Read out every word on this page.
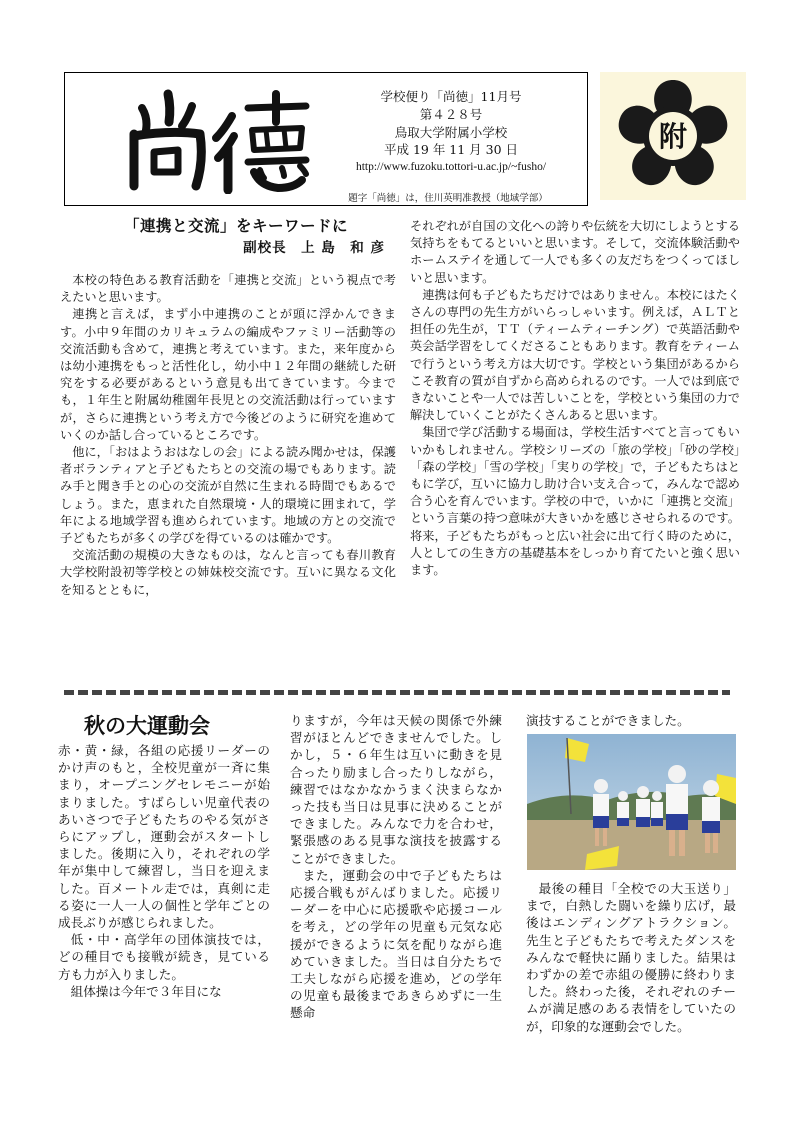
学校便り「尚徳」11月号
第４２８号
鳥取大学附属小学校
平成 19 年 11 月 30 日
http://www.fuzoku.tottori-u.ac.jp/~fusho/
題字「尚徳」は，住川英明准教授（地域学部）
附
「連携と交流」をキーワードに
副校長　上 島　和 彦

本校の特色ある教育活動を「連携と交流」という視点で考えたいと思います。

連携と言えば，まず小中連携のことが頭に浮かんできます。小中９年間のカリキュラムの編成やファミリー活動等の交流活動も含めて，連携と考えています。また，来年度からは幼小連携をもっと活性化し，幼小中１２年間の継続した研究をする必要があるという意見も出てきています。今までも，１年生と附属幼稚園年長児との交流活動は行っていますが，さらに連携という考え方で今後どのように研究を進めていくのか話し合っているところです。

他に，「おはようおはなしの会」による読み聞かせは，保護者ボランティアと子どもたちとの交流の場でもあります。読み手と聞き手との心の交流が自然に生まれる時間でもあるでしょう。また，恵まれた自然環境・人的環境に囲まれて，学年による地域学習も進められています。地域の方との交流で子どもたちが多くの学びを得ているのは確かです。

交流活動の規模の大きなものは，なんと言っても春川教育大学校附設初等学校との姉妹校交流です。互いに異なる文化を知るとともに，

それぞれが自国の文化への誇りや伝統を大切にしようとする気持ちをもてるといいと思います。そして，交流体験活動やホームステイを通して一人でも多くの友だちをつくってほしいと思います。

連携は何も子どもたちだけではありません。本校にはたくさんの専門の先生方がいらっしゃいます。例えば，ＡＬＴと担任の先生が，ＴＴ（ティームティーチング）で英語活動や英会話学習をしてくださることもあります。教育をティームで行うという考え方は大切です。学校という集団があるからこそ教育の質が自ずから高められるのです。一人では到底できないことや一人では苦しいことを，学校という集団の力で解決していくことがたくさんあると思います。

集団で学び活動する場面は，学校生活すべてと言ってもいいかもしれません。学校シリーズの「旅の学校」「砂の学校」「森の学校」「雪の学校」「実りの学校」で，子どもたちはともに学び，互いに協力し助け合い支え合って，みんなで認め合う心を育んでいます。学校の中で，いかに「連携と交流」という言葉の持つ意味が大きいかを感じさせられるのです。将来，子どもたちがもっと広い社会に出て行く時のために，人としての生き方の基礎基本をしっかり育てたいと強く思います。

秋の大運動会

赤・黄・緑，各組の応援リーダーのかけ声のもと，全校児童が一斉に集まり，オープニングセレモニーが始まりました。すばらしい児童代表のあいさつで子どもたちのやる気がさらにアップし，運動会がスタートしました。後期に入り，それぞれの学年が集中して練習し，当日を迎えました。百メートル走では，真剣に走る姿に一人一人の個性と学年ごとの成長ぶりが感じられました。

低・中・高学年の団体演技では，どの種目でも接戦が続き，見ている方も力が入りました。

組体操は今年で３年目にな

りますが，今年は天候の関係で外練習がほとんどできませんでした。しかし，５・６年生は互いに動きを見合ったり励まし合ったりしながら，練習ではなかなかうまく決まらなかった技も当日は見事に決めることができました。みんなで力を合わせ，緊張感のある見事な演技を披露することができました。

また，運動会の中で子どもたちは応援合戦もがんばりました。応援リーダーを中心に応援歌や応援コールを考え，どの学年の児童も元気な応援ができるように気を配りながら進めていきました。当日は自分たちで工夫しながら応援を進め，どの学年の児童も最後まであきらめずに一生懸命

演技することができました。

最後の種目「全校での大玉送り」まで，白熱した闘いを繰り広げ，最後はエンディングアトラクション。先生と子どもたちで考えたダンスをみんなで軽快に踊りました。結果はわずかの差で赤組の優勝に終わりました。終わった後，それぞれのチームが満足感のある表情をしていたのが，印象的な運動会でした。
